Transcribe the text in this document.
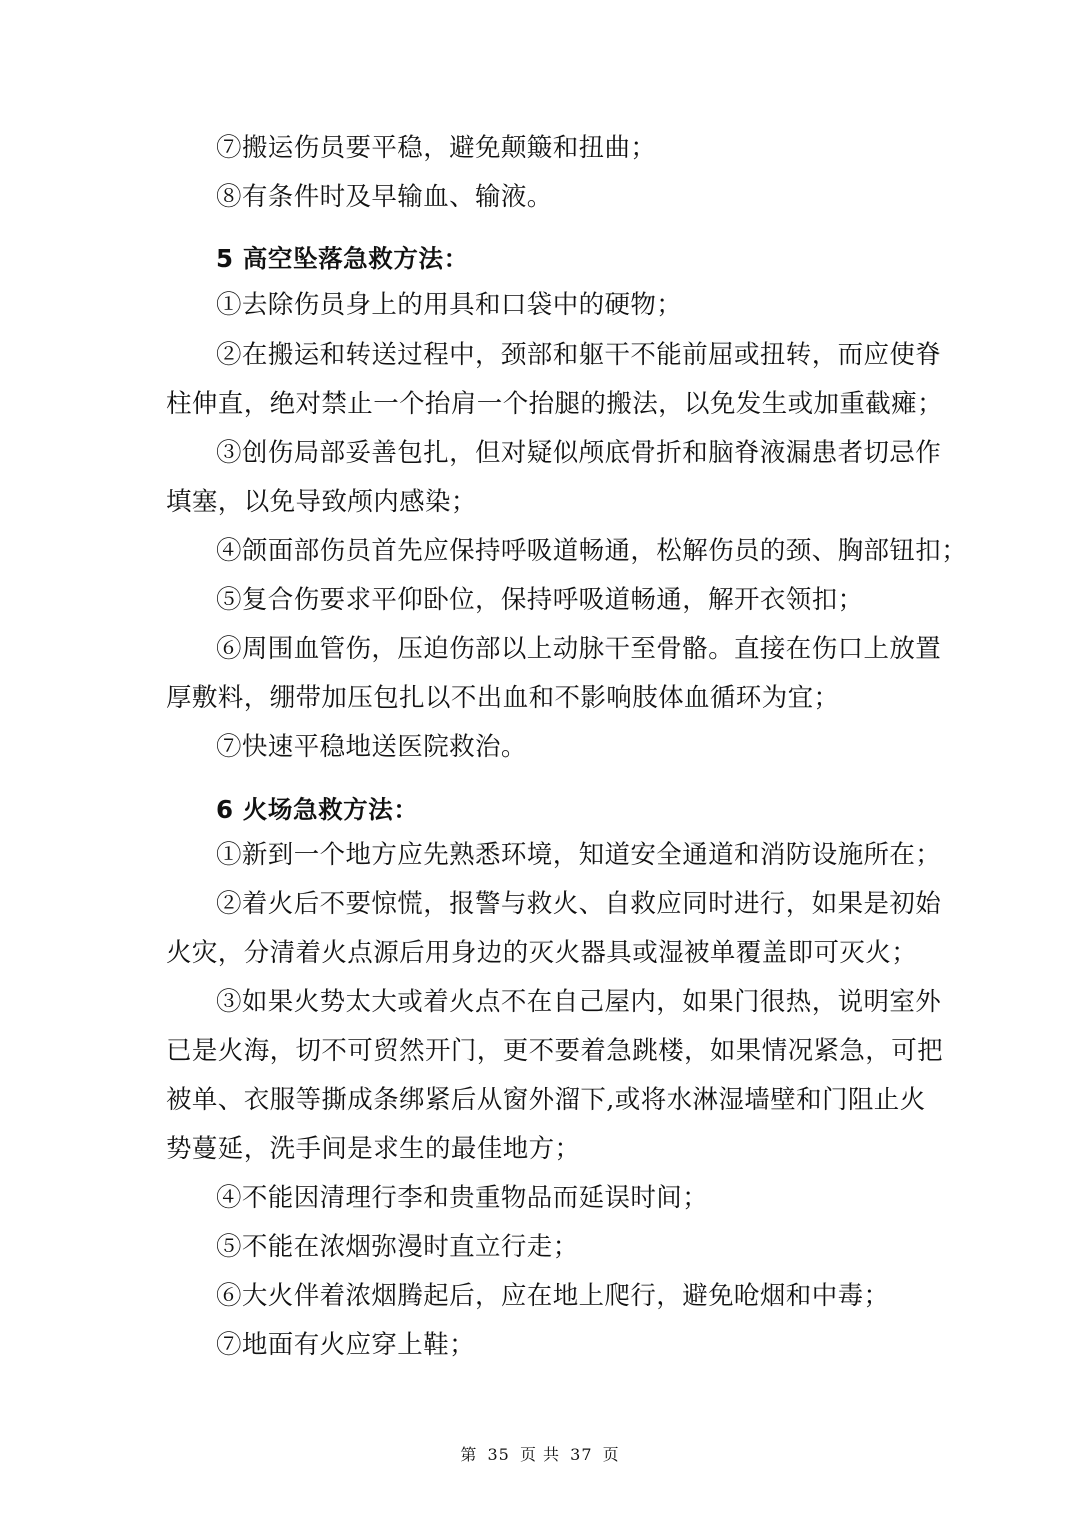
⑦搬运伤员要平稳，避免颠簸和扭曲；
⑧有条件时及早输血、输液。
5 高空坠落急救方法：
①去除伤员身上的用具和口袋中的硬物；
②在搬运和转送过程中，颈部和躯干不能前屈或扭转，而应使脊
柱伸直，绝对禁止一个抬肩一个抬腿的搬法，以免发生或加重截瘫；
③创伤局部妥善包扎，但对疑似颅底骨折和脑脊液漏患者切忌作
填塞，以免导致颅内感染；
④颌面部伤员首先应保持呼吸道畅通，松解伤员的颈、胸部钮扣；
⑤复合伤要求平仰卧位，保持呼吸道畅通，解开衣领扣；
⑥周围血管伤，压迫伤部以上动脉干至骨骼。直接在伤口上放置
厚敷料，绷带加压包扎以不出血和不影响肢体血循环为宜；
⑦快速平稳地送医院救治。
6 火场急救方法：
①新到一个地方应先熟悉环境，知道安全通道和消防设施所在；
②着火后不要惊慌，报警与救火、自救应同时进行，如果是初始
火灾，分清着火点源后用身边的灭火器具或湿被单覆盖即可灭火；
③如果火势太大或着火点不在自己屋内，如果门很热，说明室外
已是火海，切不可贸然开门，更不要着急跳楼，如果情况紧急，可把
被单、衣服等撕成条绑紧后从窗外溜下,或将水淋湿墙壁和门阻止火
势蔓延，洗手间是求生的最佳地方；
④不能因清理行李和贵重物品而延误时间；
⑤不能在浓烟弥漫时直立行走；
⑥大火伴着浓烟腾起后，应在地上爬行，避免呛烟和中毒；
⑦地面有火应穿上鞋；
第 35 页 共 37 页
